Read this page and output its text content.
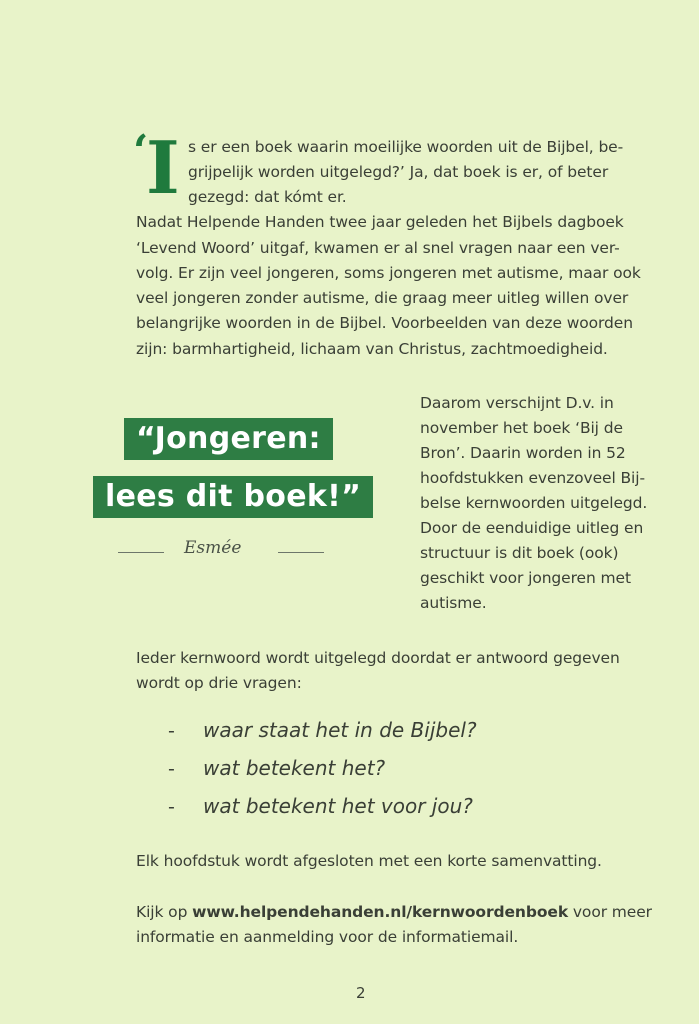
‘
I s er een boek waarin moeilijke woorden uit de Bijbel, be-
grijpelijk worden uitgelegd?’ Ja, dat boek is er, of beter
gezegd: dat kómt er.
Nadat Helpende Handen twee jaar geleden het Bijbels dagboek
‘Levend Woord’ uitgaf, kwamen er al snel vragen naar een ver-
volg. Er zijn veel jongeren, soms jongeren met autisme, maar ook
veel jongeren zonder autisme, die graag meer uitleg willen over
belangrijke woorden in de Bijbel. Voorbeelden van deze woorden
zijn: barmhartigheid, lichaam van Christus, zachtmoedigheid.
“Jongeren:
lees dit boek!”
Esmée
Daarom verschijnt D.v. in
november het boek ‘Bij de
Bron’. Daarin worden in 52
hoofdstukken evenzoveel Bij-
belse kernwoorden uitgelegd.
Door de eenduidige uitleg en
structuur is dit boek (ook)
geschikt voor jongeren met
autisme.
Ieder kernwoord wordt uitgelegd doordat er antwoord gegeven
wordt op drie vragen:
- waar staat het in de Bijbel?
- wat betekent het?
- wat betekent het voor jou?
Elk hoofdstuk wordt afgesloten met een korte samenvatting.
Kijk op www.helpendehanden.nl/kernwoordenboek voor meer
informatie en aanmelding voor de informatiemail.
2
